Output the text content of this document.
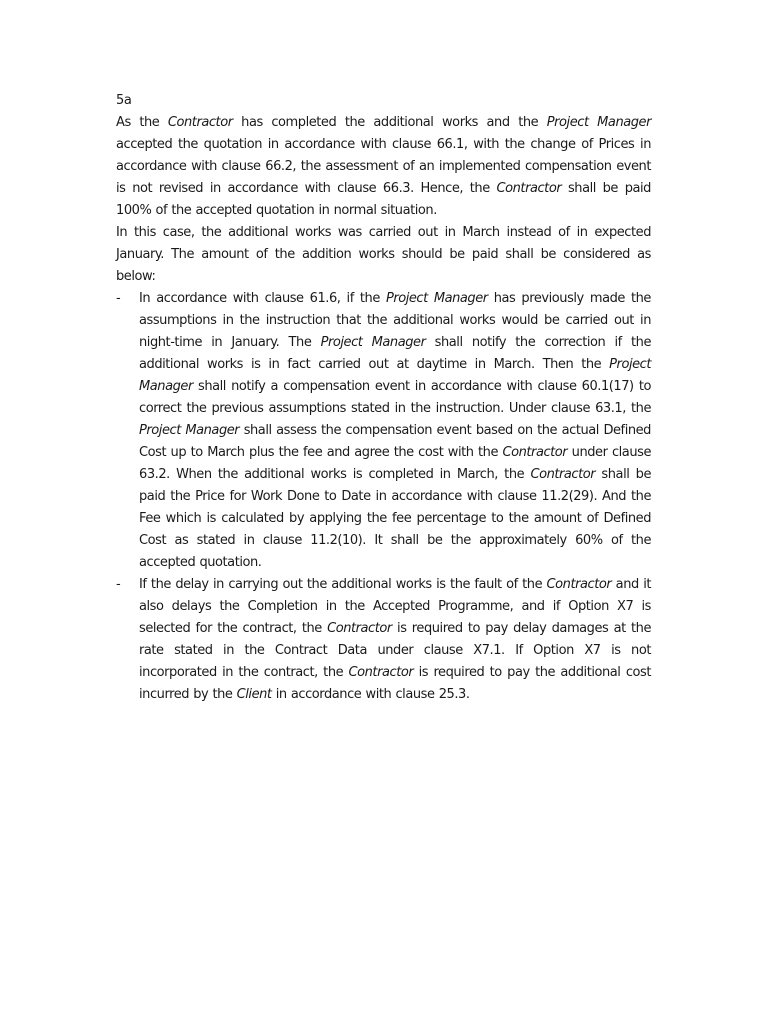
5a

As the Contractor has completed the additional works and the Project Manager accepted the quotation in accordance with clause 66.1, with the change of Prices in accordance with clause 66.2, the assessment of an implemented compensation event is not revised in accordance with clause 66.3. Hence, the Contractor shall be paid 100% of the accepted quotation in normal situation.

In this case, the additional works was carried out in March instead of in expected January. The amount of the addition works should be paid shall be considered as below:

- In accordance with clause 61.6, if the Project Manager has previously made the assumptions in the instruction that the additional works would be carried out in night-time in January. The Project Manager shall notify the correction if the additional works is in fact carried out at daytime in March. Then the Project Manager shall notify a compensation event in accordance with clause 60.1(17) to correct the previous assumptions stated in the instruction. Under clause 63.1, the Project Manager shall assess the compensation event based on the actual Defined Cost up to March plus the fee and agree the cost with the Contractor under clause 63.2. When the additional works is completed in March, the Contractor shall be paid the Price for Work Done to Date in accordance with clause 11.2(29). And the Fee which is calculated by applying the fee percentage to the amount of Defined Cost as stated in clause 11.2(10). It shall be the approximately 60% of the accepted quotation.

- If the delay in carrying out the additional works is the fault of the Contractor and it also delays the Completion in the Accepted Programme, and if Option X7 is selected for the contract, the Contractor is required to pay delay damages at the rate stated in the Contract Data under clause X7.1. If Option X7 is not incorporated in the contract, the Contractor is required to pay the additional cost incurred by the Client in accordance with clause 25.3.
